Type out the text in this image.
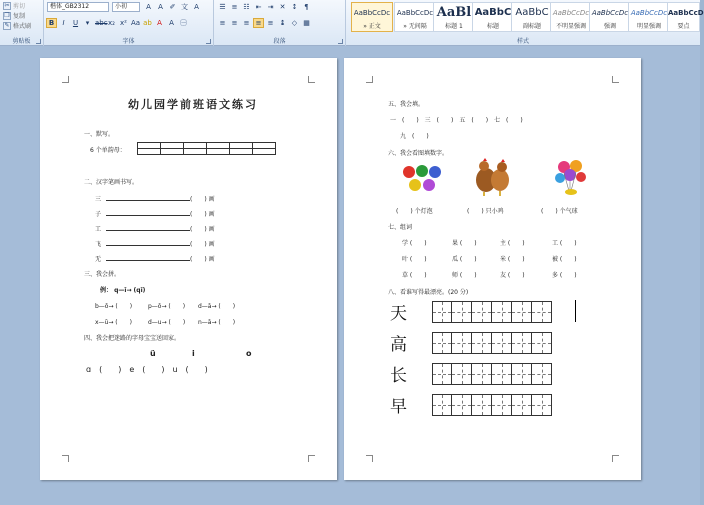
✂ 剪切
❐ 复制
✎ 格式刷
剪贴板
楷体_GB2312	小初	A	A ✐ 文 A
B	I	U	▾ abc x₂ x² Aa ab A	A ㊀
字体
☰ ≡ ☷ ⇤ ⇥ ✕ ↕ ¶
≡ ≡ ≡ ≡ ≡ ↨ ◇ ▦
段落
AaBbCcDc
» 正文
AaBbCcDc
» 无间隔
AaBl
标题 1
AaBbC
标题
AaBbC
副标题
AaBbCcDc
不明显强调
AaBbCcDc
强调
AaBbCcDc
明显强调
AaBbCcD
要点
样式
幼儿园学前班语文练习
一、默写。
6 个单韵母：

二、汉字笔画书写。
三	(　　) 画
子	(　　) 画
工	(　　) 画
飞	(　　) 画
无	(　　) 画
三、我会拼。
例： q—ī→ (qī)
b—ō→ (　　)	p—ō→ (　　) d—ā→ (　　)
x—ū→ (　　)	d—u→ (　　) n—ā→ (　　)
四、我会把迷路的字母宝宝送回家。
ü	i	o
ɑ　(　　)　e　(　　)　u　(　　)
五、我会填。
一　(　　)　三　(　　)　五　(　　)　七　(　　)
九　(　　)
六、我会看图填数字。
(　　) 个灯泡	(　　) 只小鸡	(　　) 个气球
七、组词
学 (　　)	果 (　　)	主 (　　)	工 (　　)
叶 (　　)	瓜 (　　)	米 (　　)	被 (　　)
草 (　　)	师 (　　)	友 (　　)	多 (　　)
八、看谁写得最漂亮。(20 分)
天
高
长
早
